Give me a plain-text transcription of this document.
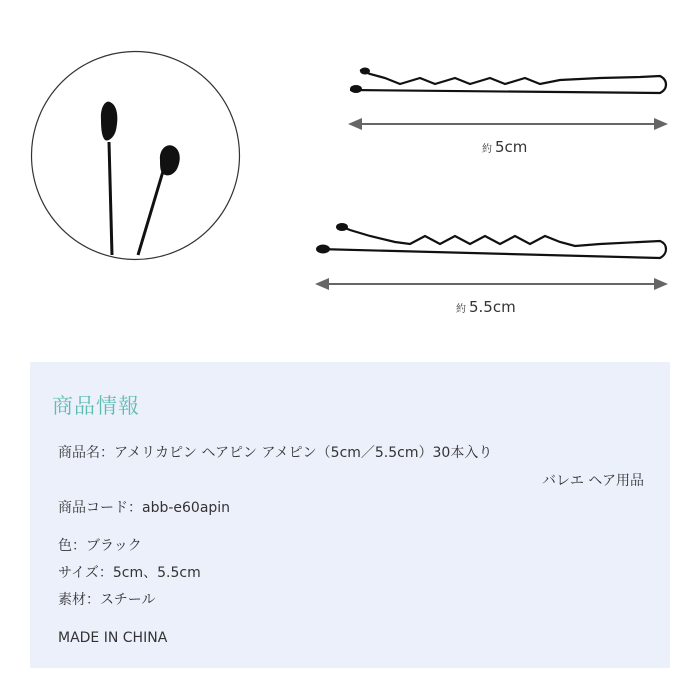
約 5cm
約 5.5cm
商品情報
商品名：アメリカピン ヘアピン アメピン（5cm／5.5cm）30本入り
バレエ ヘア用品
商品コード：abb-e60apin
色：ブラック
サイズ：5cm、5.5cm
素材：スチール
MADE IN CHINA
